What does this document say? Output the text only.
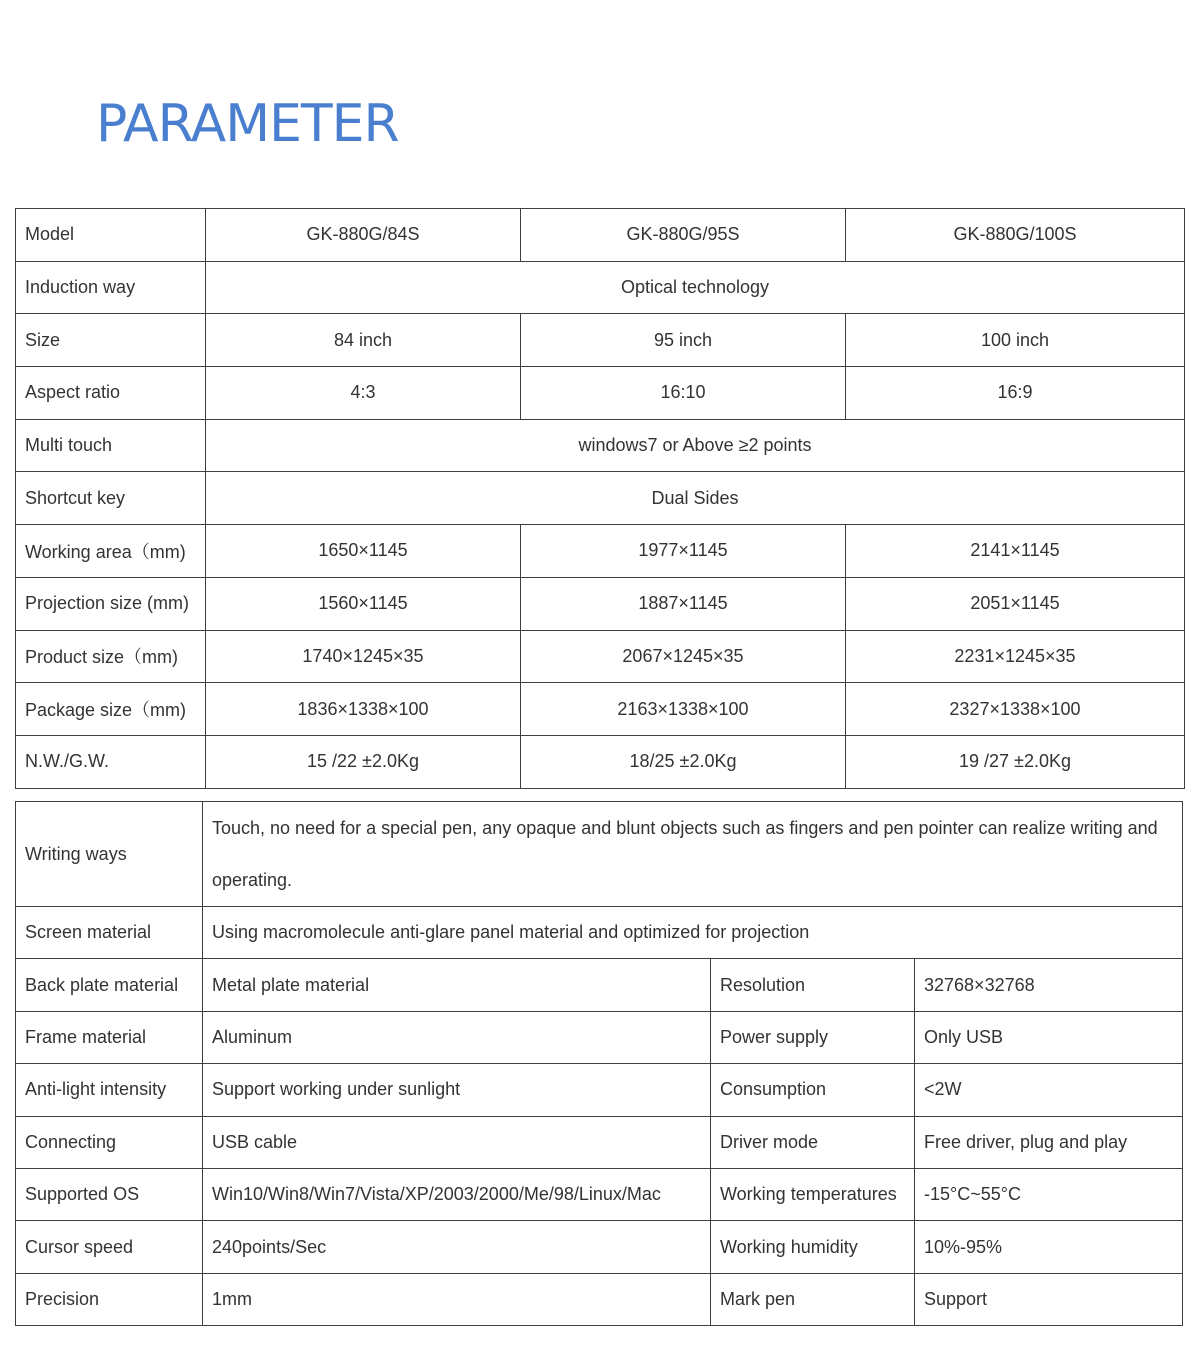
PARAMETER
Model	GK-880G/84S	GK-880G/95S	GK-880G/100S
Induction way	Optical technology		
Size	84 inch	95 inch	100 inch
Aspect ratio	4:3	16:10	16:9
Multi touch	windows7 or Above ≥2 points		
Shortcut key	Dual Sides		
Working area（mm)	1650×1145	1977×1145	2141×1145
Projection size (mm)	1560×1145	1887×1145	2051×1145
Product size（mm)	1740×1245×35	2067×1245×35	2231×1245×35
Package size（mm)	1836×1338×100	2163×1338×100	2327×1338×100
N.W./G.W.	15 /22 ±2.0Kg	18/25 ±2.0Kg	19 /27 ±2.0Kg
Writing ways	Touch, no need for a special pen, any opaque and blunt objects such as fingers and pen pointer can realize writing and operating.		
Screen material	Using macromolecule anti-glare panel material and optimized for projection		
Back plate material	Metal plate material	Resolution	32768×32768
Frame material	Aluminum	Power supply	Only USB
Anti-light intensity	Support working under sunlight	Consumption	<2W
Connecting	USB cable	Driver mode	Free driver, plug and play
Supported OS	Win10/Win8/Win7/Vista/XP/2003/2000/Me/98/Linux/Mac	Working temperatures	-15°C~55°C
Cursor speed	240points/Sec	Working humidity	10%-95%
Precision	1mm	Mark pen	Support
